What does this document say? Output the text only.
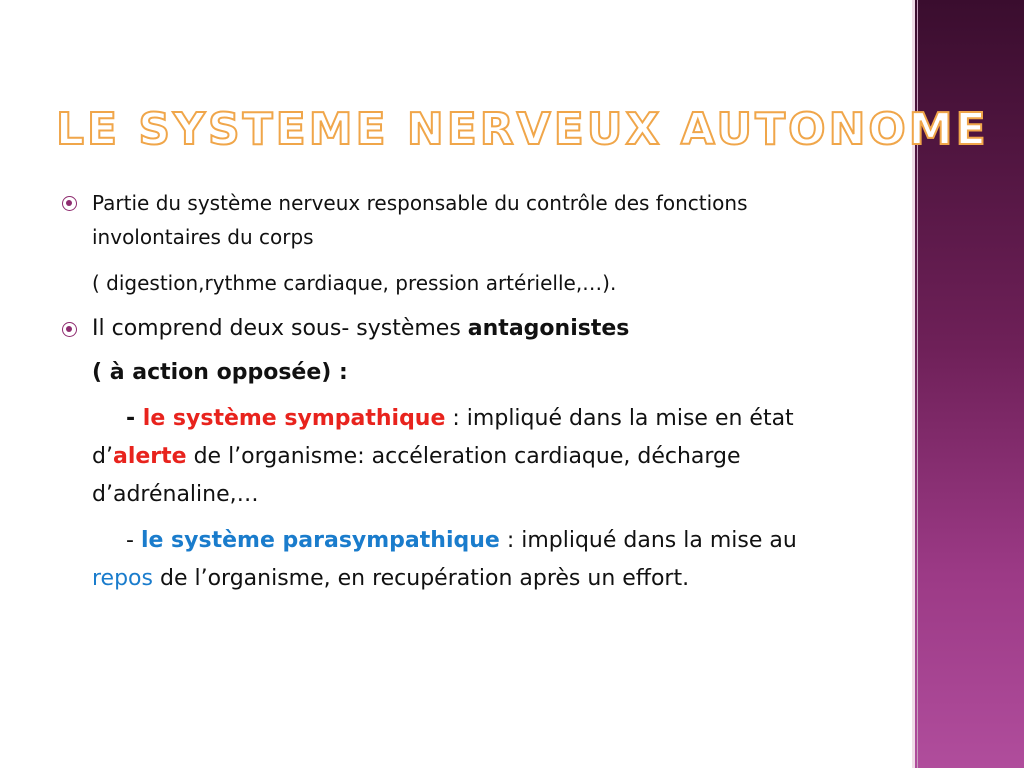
LE SYSTEME NERVEUX AUTONOME
Partie du système nerveux responsable du contrôle des fonctions involontaires du corps
( digestion,rythme cardiaque, pression artérielle,…).
Il comprend deux sous- systèmes antagonistes
( à action opposée) :
- le système sympathique : impliqué dans la mise en état d’alerte de l’organisme: accéleration cardiaque, décharge d’adrénaline,…
- le système parasympathique : impliqué dans la mise au repos de l’organisme, en recupération après un effort.
